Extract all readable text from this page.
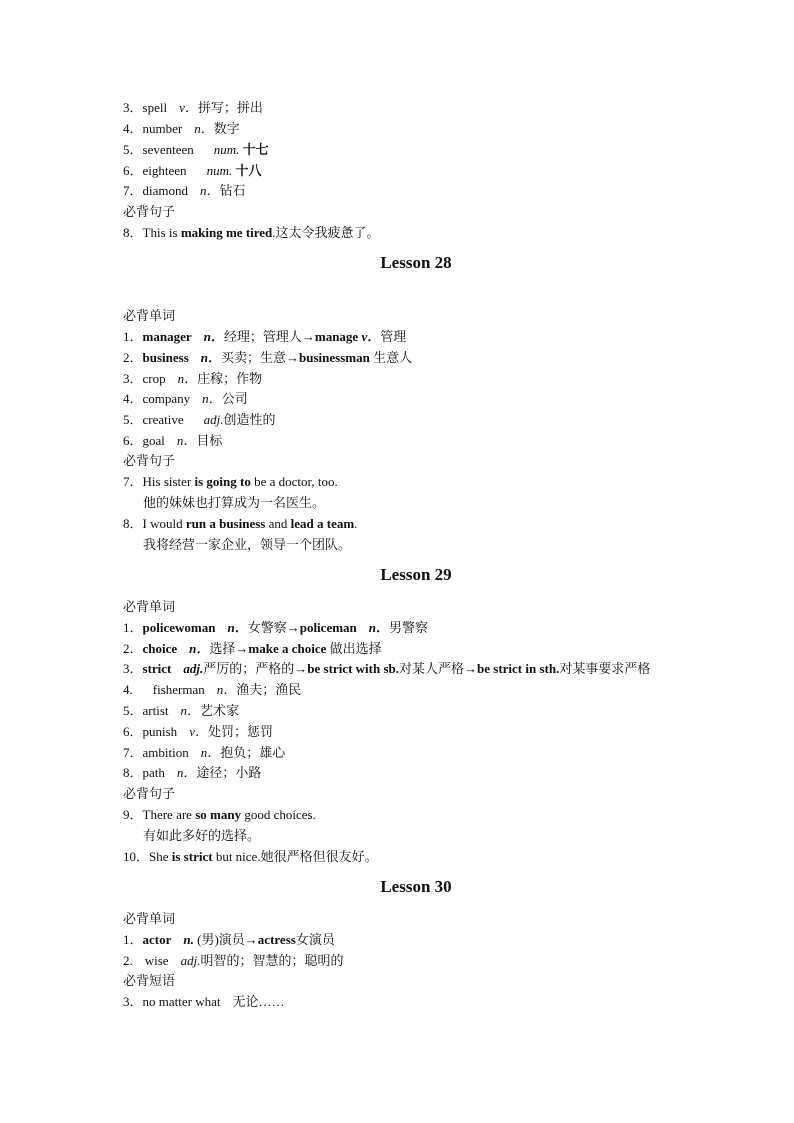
3．spell v．拼写；拼出
4．number n．数字
5．seventeen num. 十七
6．eighteen num. 十八
7．diamond n．钻石
必背句子
8．This is making me tired.这太令我疲惫了。
Lesson 28
必背单词
1．manager n．经理；管理人→manage v．管理
2．business n．买卖；生意→businessman 生意人
3．crop n．庄稼；作物
4．company n．公司
5．creative adj.创造性的
6．goal n．目标
必背句子
7．His sister is going to be a doctor, too.
他的妹妹也打算成为一名医生。
8．I would run a business and lead a team.
我将经营一家企业，领导一个团队。
Lesson 29
必背单词
1．policewoman n．女警察→policeman n．男警察
2．choice n．选择→make a choice 做出选择
3．strict adj.严厉的；严格的→be strict with sb.对某人严格→be strict in sth.对某事要求严格
4. fisherman n．渔夫；渔民
5．artist n．艺术家
6．punish v．处罚；惩罚
7．ambition n．抱负；雄心
8．path n．途径；小路
必背句子
9．There are so many good choices.
有如此多好的选择。
10．She is strict but nice.她很严格但很友好。
Lesson 30
必背单词
1．actor n. (男)演员→actress女演员
2. wise adj.明智的；智慧的；聪明的
必背短语
3．no matter what 无论……
